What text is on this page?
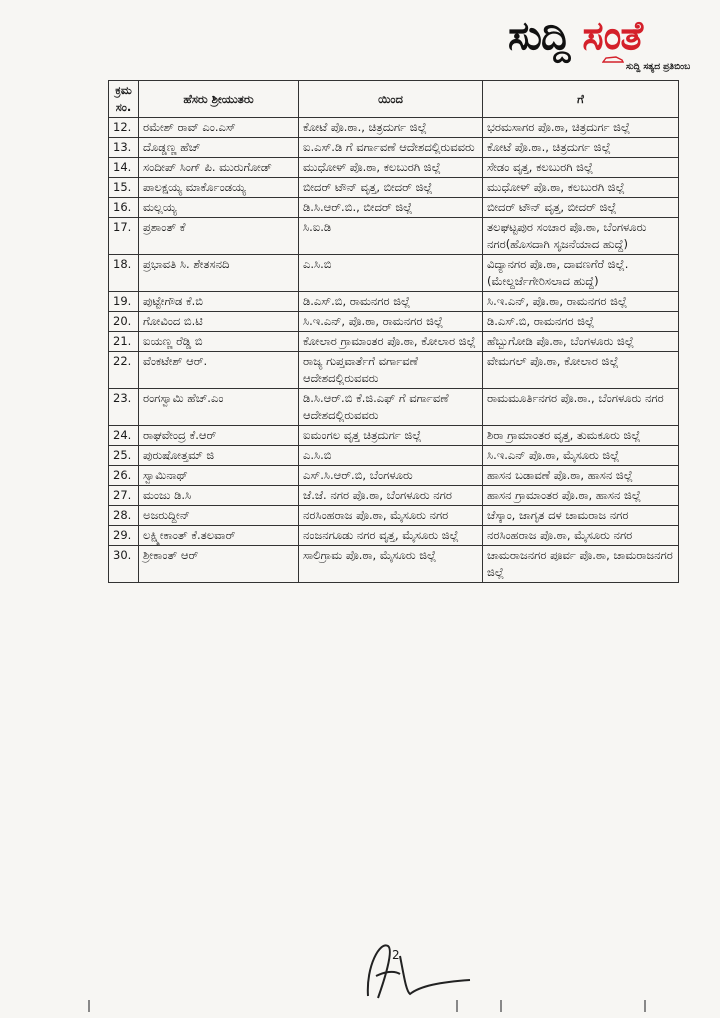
ಸುದ್ದಿ ಸಂತೆ
ಸುದ್ದಿ ಸತ್ಯದ ಪ್ರತಿಬಿಂಬ
ಕ್ರಮ ಸಂ.	ಹೆಸರು ಶ್ರೀಯುತರು	ಯಿಂದ	ಗೆ
12.	ರಮೇಶ್ ರಾವ್ ಎಂ.ಎಸ್	ಕೋಟೆ ಪೊ.ಠಾ., ಚಿತ್ರದುರ್ಗ ಜಿಲ್ಲೆ	ಭರಮಸಾಗರ ಪೊ.ಠಾ, ಚಿತ್ರದುರ್ಗ ಜಿಲ್ಲೆ
13.	ದೊಡ್ಡಣ್ಣ ಹೆಚ್	ಐ.ಎಸ್.ಡಿ ಗೆ ವರ್ಗಾವಣೆ ಆದೇಶದಲ್ಲಿರುವವರು	ಕೋಟೆ ಪೊ.ಠಾ., ಚಿತ್ರದುರ್ಗ ಜಿಲ್ಲೆ
14.	ಸಂದೀಪ್ ಸಿಂಗ್ ಪಿ. ಮುರುಗೋಡ್	ಮುಧೋಳ್ ಪೊ.ಠಾ, ಕಲಬುರಗಿ ಜಿಲ್ಲೆ	ಸೇಡಂ ವೃತ್ತ, ಕಲಬುರಗಿ ಜಿಲ್ಲೆ
15.	ಪಾಲಕ್ಷಯ್ಯ ಮಾರ್ಕೊಂಡಯ್ಯ	ಬೀದರ್ ಟೌನ್ ವೃತ್ತ, ಬೀದರ್ ಜಿಲ್ಲೆ	ಮುಧೋಳ್ ಪೊ.ಠಾ, ಕಲಬುರಗಿ ಜಿಲ್ಲೆ
16.	ಮಲ್ಲಯ್ಯ	ಡಿ.ಸಿ.ಆರ್.ಬಿ., ಬೀದರ್ ಜಿಲ್ಲೆ	ಬೀದರ್ ಟೌನ್ ವೃತ್ತ, ಬೀದರ್ ಜಿಲ್ಲೆ
17.	ಪ್ರಶಾಂತ್ ಕೆ	ಸಿ.ಐ.ಡಿ	ತಲಘಟ್ಟಪುರ ಸಂಚಾರ ಪೊ.ಠಾ, ಬೆಂಗಳೂರು ನಗರ(ಹೊಸದಾಗಿ ಸೃಜನೆಯಾದ ಹುದ್ದೆ)
18.	ಪ್ರಭಾವತಿ ಸಿ. ಶೇತಸನದಿ	ಎ.ಸಿ.ಬಿ	ವಿದ್ಯಾನಗರ ಪೊ.ಠಾ, ದಾವಣಗೆರೆ ಜಿಲ್ಲೆ. (ಮೇಲ್ದರ್ಜೆಗೇರಿಸಲಾದ ಹುದ್ದೆ)
19.	ಪುಟ್ಟೇಗೌಡ ಕೆ.ಬಿ	ಡಿ.ಎಸ್.ಬಿ, ರಾಮನಗರ ಜಿಲ್ಲೆ	ಸಿ.ಇ.ಎನ್, ಪೊ.ಠಾ, ರಾಮನಗರ ಜಿಲ್ಲೆ
20.	ಗೋವಿಂದ ಬಿ.ಟಿ	ಸಿ.ಇ.ಎನ್, ಪೊ.ಠಾ, ರಾಮನಗರ ಜಿಲ್ಲೆ	ಡಿ.ಎಸ್.ಬಿ, ರಾಮನಗರ ಜಿಲ್ಲೆ
21.	ಐಯಣ್ಣ ರೆಡ್ಡಿ ಬಿ	ಕೋಲಾರ ಗ್ರಾಮಾಂತರ ಪೊ.ಠಾ, ಕೋಲಾರ ಜಿಲ್ಲೆ	ಹೆಬ್ಬುಗೋಡಿ ಪೊ.ಠಾ, ಬೆಂಗಳೂರು ಜಿಲ್ಲೆ
22.	ವೆಂಕಟೇಶ್ ಆರ್.	ರಾಜ್ಯ ಗುಪ್ತವಾರ್ತೆಗೆ ವರ್ಗಾವಣೆ ಆದೇಶದಲ್ಲಿರುವವರು	ವೇಮಗಲ್ ಪೊ.ಠಾ, ಕೋಲಾರ ಜಿಲ್ಲೆ
23.	ರಂಗಸ್ವಾಮಿ ಹೆಚ್.ಎಂ	ಡಿ.ಸಿ.ಆರ್.ಬಿ ಕೆ.ಜಿ.ಎಫ್ ಗೆ ವರ್ಗಾವಣೆ ಆದೇಶದಲ್ಲಿರುವವರು	ರಾಮಮೂರ್ತಿನಗರ ಪೊ.ಠಾ., ಬೆಂಗಳೂರು ನಗರ
24.	ರಾಘವೇಂದ್ರ ಕೆ.ಆರ್	ಐಮಂಗಲ ವೃತ್ತ ಚಿತ್ರದುರ್ಗ ಜಿಲ್ಲೆ	ಶಿರಾ ಗ್ರಾಮಾಂತರ ವೃತ್ತ, ತುಮಕೂರು ಜಿಲ್ಲೆ
25.	ಪುರುಷೋತ್ತಮ್ ಜಿ	ಎ.ಸಿ.ಬಿ	ಸಿ.ಇ.ಎನ್ ಪೊ.ಠಾ, ಮೈಸೂರು ಜಿಲ್ಲೆ
26.	ಸ್ವಾಮಿನಾಥ್	ಎಸ್.ಸಿ.ಆರ್.ಬಿ, ಬೆಂಗಳೂರು	ಹಾಸನ ಬಡಾವಣೆ ಪೊ.ಠಾ, ಹಾಸನ ಜಿಲ್ಲೆ
27.	ಮಂಜು ಡಿ.ಸಿ	ಜೆ.ಜೆ. ನಗರ ಪೊ.ಠಾ, ಬೆಂಗಳೂರು ನಗರ	ಹಾಸನ ಗ್ರಾಮಾಂತರ ಪೊ.ಠಾ, ಹಾಸನ ಜಿಲ್ಲೆ
28.	ಅಜರುದ್ದೀನ್	ನರಸಿಂಹರಾಜ ಪೊ.ಠಾ, ಮೈಸೂರು ನಗರ	ಚೆಸ್ಕಾಂ, ಜಾಗೃತ ದಳ ಚಾಮರಾಜ ನಗರ
29.	ಲಕ್ಷ್ಮೀಕಾಂತ್ ಕೆ.ತಲವಾರ್	ನಂಜನಗೂಡು ನಗರ ವೃತ್ತ, ಮೈಸೂರು ಜಿಲ್ಲೆ	ನರಸಿಂಹರಾಜ ಪೊ.ಠಾ, ಮೈಸೂರು ನಗರ
30.	ಶ್ರೀಕಾಂತ್ ಆರ್	ಸಾಲಿಗ್ರಾಮ ಪೊ.ಠಾ, ಮೈಸೂರು ಜಿಲ್ಲೆ	ಚಾಮರಾಜನಗರ ಪೂರ್ವ ಪೊ.ಠಾ, ಚಾಮರಾಜನಗರ ಜಿಲ್ಲೆ
2
